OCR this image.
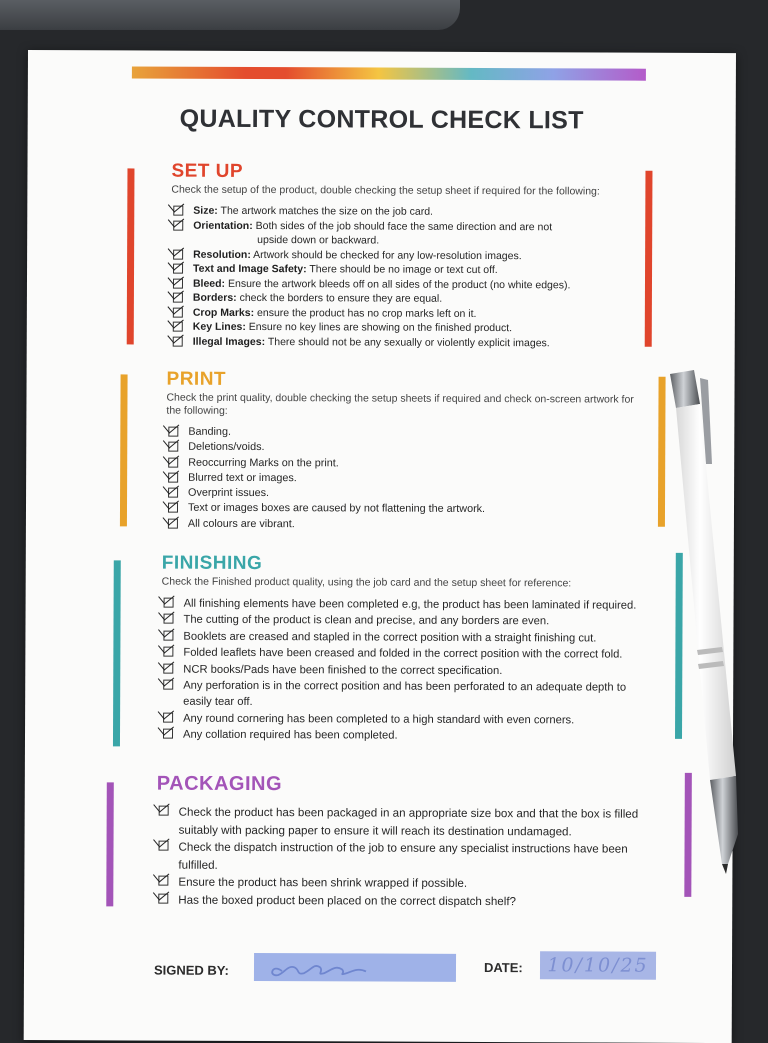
QUALITY CONTROL CHECK LIST
SET UP
Check the setup of the product, double checking the setup sheet if required for the following:
Size: The artwork matches the size on the job card.
Orientation: Both sides of the job should face the same direction and are not
upside down or backward.
Resolution: Artwork should be checked for any low-resolution images.
Text and Image Safety: There should be no image or text cut off.
Bleed: Ensure the artwork bleeds off on all sides of the product (no white edges).
Borders: check the borders to ensure they are equal.
Crop Marks: ensure the product has no crop marks left on it.
Key Lines: Ensure no key lines are showing on the finished product.
Illegal Images: There should not be any sexually or violently explicit images.
PRINT
Check the print quality, double checking the setup sheets if required and check on-screen artwork for the following:
Banding.
Deletions/voids.
Reoccurring Marks on the print.
Blurred text or images.
Overprint issues.
Text or images boxes are caused by not flattening the artwork.
All colours are vibrant.
FINISHING
Check the Finished product quality, using the job card and the setup sheet for reference:
All finishing elements have been completed e.g, the product has been laminated if required.
The cutting of the product is clean and precise, and any borders are even.
Booklets are creased and stapled in the correct position with a straight finishing cut.
Folded leaflets have been creased and folded in the correct position with the correct fold.
NCR books/Pads have been finished to the correct specification.
Any perforation is in the correct position and has been perforated to an adequate depth to easily tear off.
Any round cornering has been completed to a high standard with even corners.
Any collation required has been completed.
PACKAGING
Check the product has been packaged in an appropriate size box and that the box is filled suitably with packing paper to ensure it will reach its destination undamaged.
Check the dispatch instruction of the job to ensure any specialist instructions have been fulfilled.
Ensure the product has been shrink wrapped if possible.
Has the boxed product been placed on the correct dispatch shelf?
SIGNED BY:	DATE:	10/10/25
